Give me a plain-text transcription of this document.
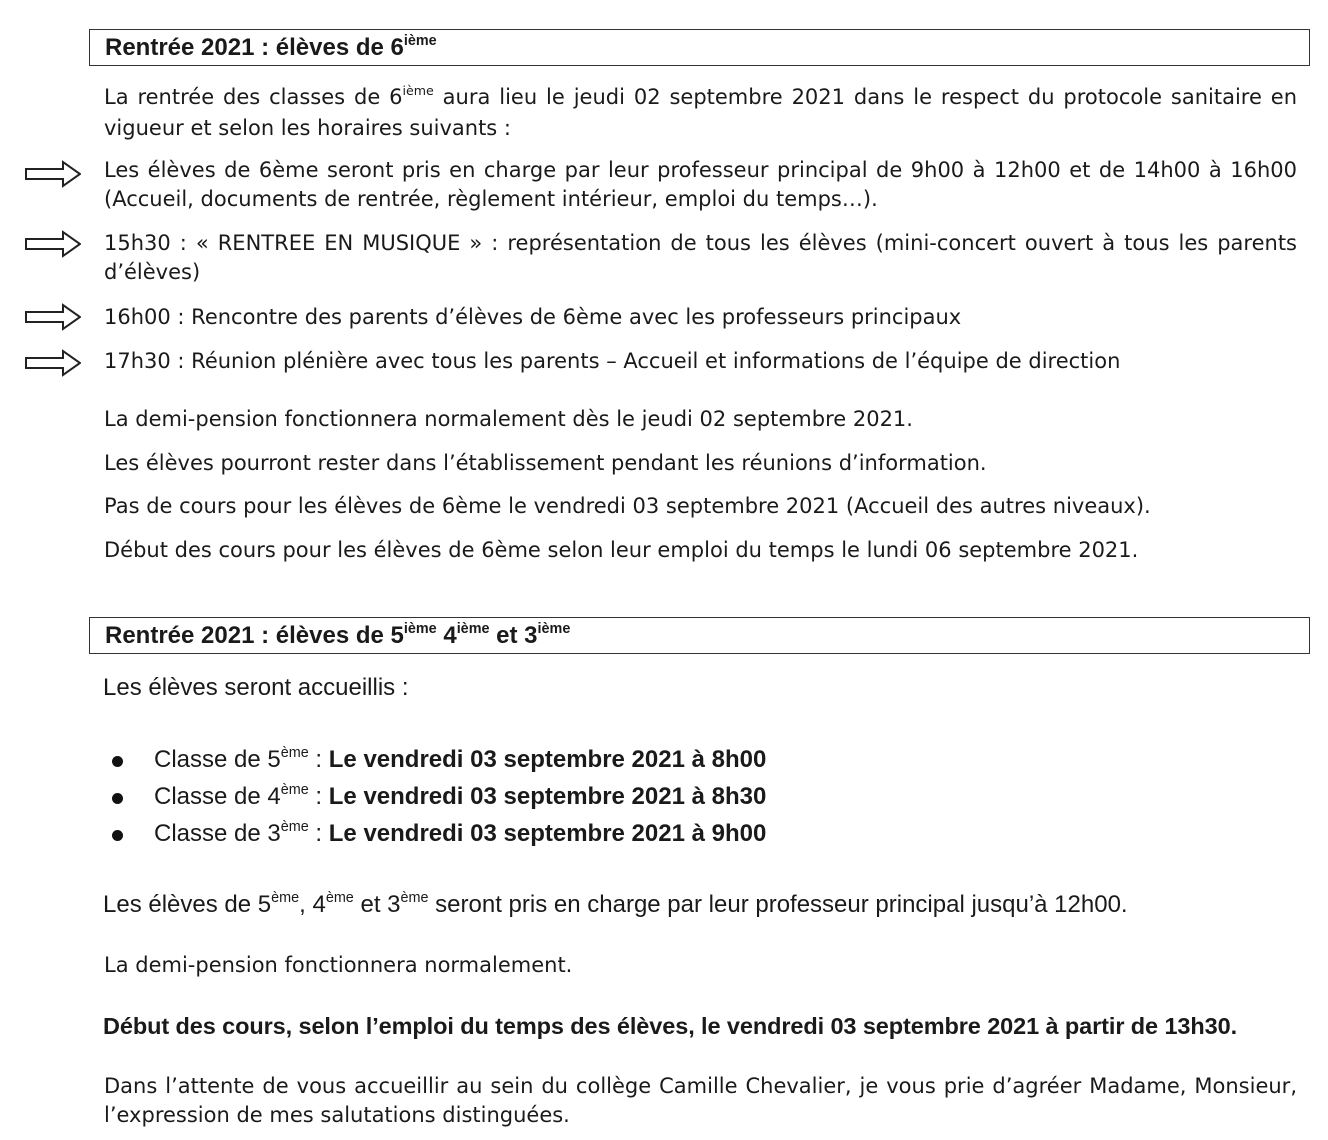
Rentrée 2021 : élèves de 6ième
La rentrée des classes de 6ième aura lieu le jeudi 02 septembre 2021 dans le respect du protocole sanitaire en vigueur et selon les horaires suivants :
Les élèves de 6ème seront pris en charge par leur professeur principal de 9h00 à 12h00 et de 14h00 à 16h00 (Accueil, documents de rentrée, règlement intérieur, emploi du temps…).
15h30 : « RENTREE EN MUSIQUE » : représentation de tous les élèves (mini-concert ouvert à tous les parents d’élèves)
16h00 : Rencontre des parents d’élèves de 6ème avec les professeurs principaux
17h30 : Réunion plénière avec tous les parents – Accueil et informations de l’équipe de direction
La demi-pension fonctionnera normalement dès le jeudi 02 septembre 2021.
Les élèves pourront rester dans l’établissement pendant les réunions d’information.
Pas de cours pour les élèves de 6ème le vendredi 03 septembre 2021 (Accueil des autres niveaux).
Début des cours pour les élèves de 6ème selon leur emploi du temps le lundi 06 septembre 2021.
Rentrée 2021 : élèves de 5ième 4ième et 3ième
Les élèves seront accueillis :
Classe de 5ème : Le vendredi 03 septembre 2021 à 8h00
Classe de 4ème : Le vendredi 03 septembre 2021 à 8h30
Classe de 3ème : Le vendredi 03 septembre 2021 à 9h00
Les élèves de 5ème, 4ème et 3ème seront pris en charge par leur professeur principal jusqu’à 12h00.
La demi-pension fonctionnera normalement.
Début des cours, selon l’emploi du temps des élèves, le vendredi 03 septembre 2021 à partir de 13h30.
Dans l’attente de vous accueillir au sein du collège Camille Chevalier, je vous prie d’agréer Madame, Monsieur, l’expression de mes salutations distinguées.
